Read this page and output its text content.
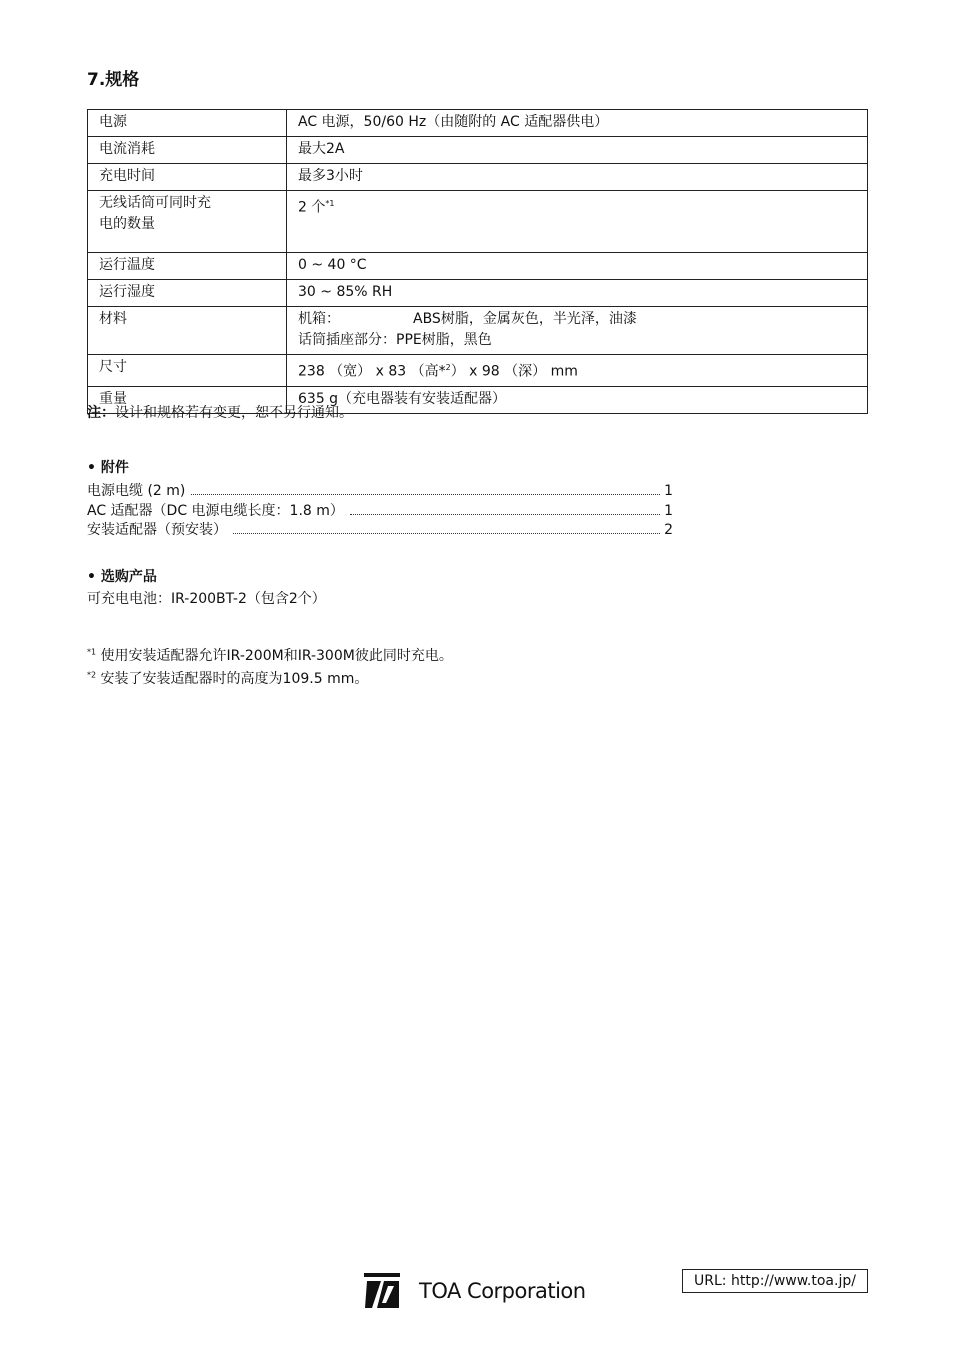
7.规格
电源	AC 电源，50/60 Hz（由随附的 AC 适配器供电）
电流消耗	最大2A
充电时间	最多3小时

无线话筒可同时充
电的数量	2 个$^{*1}$
运行温度	0 ~ 40 °C
运行湿度	30 ~ 85% RH
材料	机箱： ABS树脂，金属灰色，半光泽，油漆
话筒插座部分：PPE树脂，黑色

尺寸	238 （宽） x 83 （高*$^2$） x 98 （深） mm
重量	635 g（充电器装有安装适配器）
注：设计和规格若有变更，恕不另行通知。
• 附件
电源电缆 (2 m)	1
AC 适配器（DC 电源电缆长度：1.8 m）	1
安装适配器（预安装）	2
• 选购产品
可充电电池：IR-200BT-2（包含2个）
$^{*1}$ 使用安装适配器允许IR-200M和IR-300M彼此同时充电。
$^{*2}$ 安装了安装适配器时的高度为109.5 mm。
TOA Corporation	URL: http://www.toa.jp/
